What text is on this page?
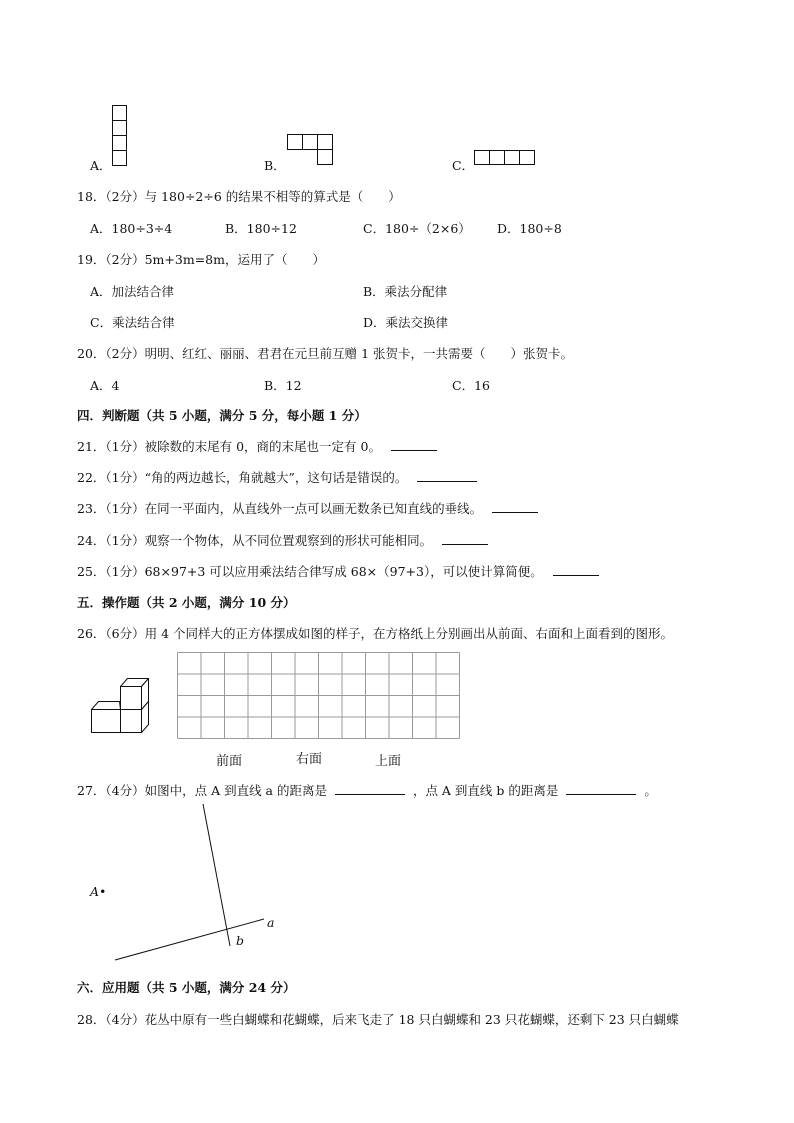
A．	B．	C．
18．（2分）与 180÷2÷6 的结果不相等的算式是（　　）
A．180÷3÷4	B．180÷12	C．180÷（2×6） D．180÷8
19．（2分）5m+3m=8m，运用了（　　）
A．加法结合律	B．乘法分配律
C．乘法结合律	D．乘法交换律
20．（2分）明明、红红、丽丽、君君在元旦前互赠 1 张贺卡，一共需要（　　）张贺卡。
A．4	B．12	C．16
四．判断题（共 5 小题，满分 5 分，每小题 1 分）
21．（1分）被除数的末尾有 0，商的末尾也一定有 0。
22．（1分）“角的两边越长，角就越大”，这句话是错误的。
23．（1分）在同一平面内，从直线外一点可以画无数条已知直线的垂线。
24．（1分）观察一个物体，从不同位置观察到的形状可能相同。
25．（1分）68×97+3 可以应用乘法结合律写成 68×（97+3），可以使计算简便。
五．操作题（共 2 小题，满分 10 分）
26．（6分）用 4 个同样大的正方体摆成如图的样子，在方格纸上分别画出从前面、右面和上面看到的图形。
前面	右面	上面
27．（4分）如图中，点 A 到直线 a 的距离是	，点 A 到直线 b 的距离是	。
A•
a
b
六．应用题（共 5 小题，满分 24 分）
28．（4分）花丛中原有一些白蝴蝶和花蝴蝶，后来飞走了 18 只白蝴蝶和 23 只花蝴蝶，还剩下 23 只白蝴蝶
